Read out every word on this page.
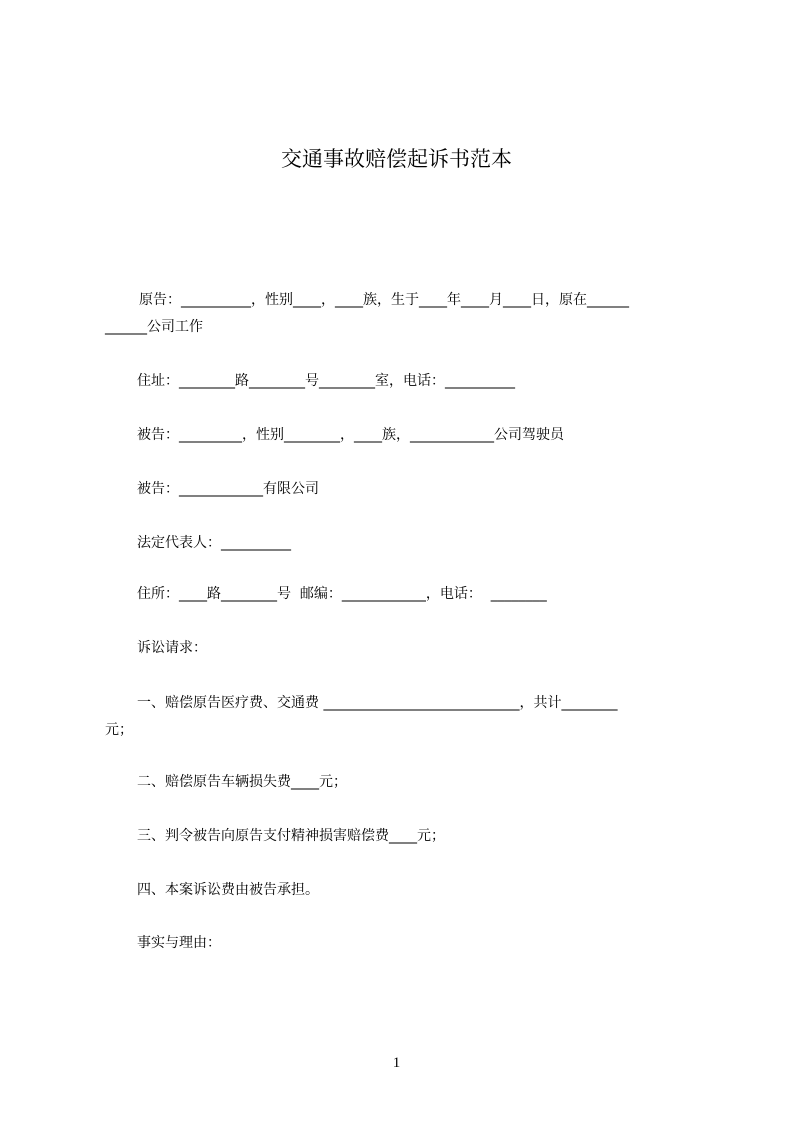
交通事故赔偿起诉书范本
原告：__________，性别____，____族，生于____年____月____日，原在______
______公司工作
住址：________路________号________室，电话：__________
被告：_________，性别________，____族，____________公司驾驶员
被告：____________有限公司
法定代表人：__________
住所：____路________号  邮编：____________，电话：  ________
诉讼请求：
一、赔偿原告医疗费、交通费 ____________________________，共计________
元；
二、赔偿原告车辆损失费____元；
三、判令被告向原告支付精神损害赔偿费____元；
四、本案诉讼费由被告承担。
事实与理由：
1
